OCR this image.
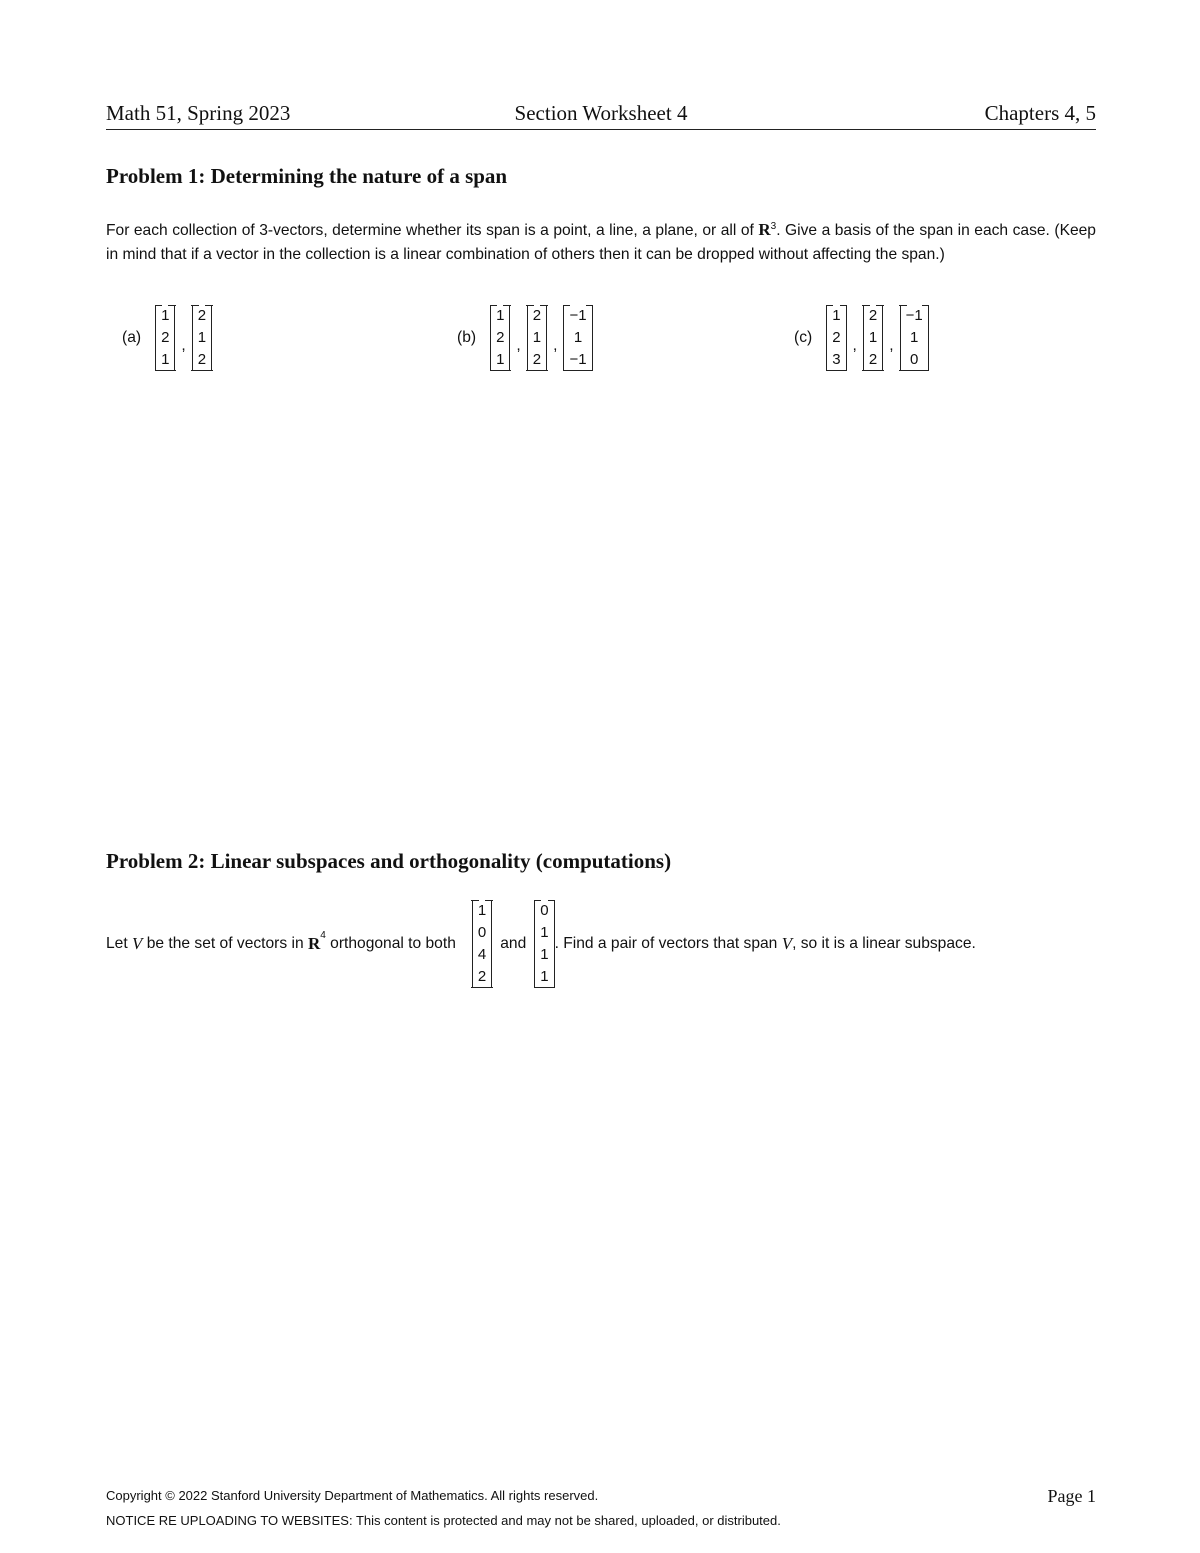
Math 51, Spring 2023	Section Worksheet 4	Chapters 4, 5
Problem 1: Determining the nature of a span
For each collection of 3-vectors, determine whether its span is a point, a line, a plane, or all of $R^3$. Give a basis of the span in each case. (Keep in mind that if a vector in the collection is a linear combination of others then it can be dropped without affecting the span.)
(a)
1
2
1
,
2
1
2
(b)
1
2
1
,
2
1
2
,
−1
1
−1
(c)
1
2
3
,
2
1
2
,
−1
1
0
Problem 2: Linear subspaces and orthogonality (computations)
Let V be the set of vectors in $R^4$ orthogonal to both
1
0
4
2
and
0
1
1
1
. Find a pair of vectors that span V , so it is a linear subspace.
Copyright © 2022 Stanford University Department of Mathematics. All rights reserved.	Page 1
NOTICE RE UPLOADING TO WEBSITES: This content is protected and may not be shared, uploaded, or distributed.
